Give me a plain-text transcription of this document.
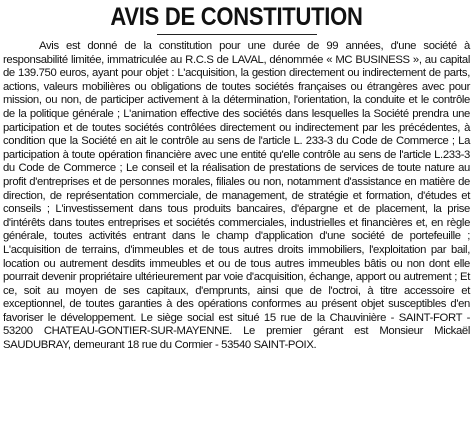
AVIS DE CONSTITUTION

Avis est donné de la constitution pour une durée de 99 années, d'une société à responsabilité limitée, immatriculée au R.C.S de LAVAL, dénommée « MC BUSINESS », au capital de 139.750 euros, ayant pour objet : L'acquisition, la gestion directement ou indirectement de parts, actions, valeurs mobilières ou obligations de toutes sociétés françaises ou étrangères avec pour mission, ou non, de participer activement à la détermination, l'orientation, la conduite et le contrôle de la politique générale ; L'animation effective des sociétés dans lesquelles la Société prendra une participation et de toutes sociétés contrôlées directement ou indirectement par les précédentes, à condition que la Société en ait le contrôle au sens de l'article L. 233-3 du Code de Commerce ; La participation à toute opération financière avec une entité qu'elle contrôle au sens de l'article L.233-3 du Code de Commerce ; Le conseil et la réalisation de prestations de services de toute nature au profit d'entreprises et de personnes morales, filiales ou non, notamment d'assistance en matière de direction, de représentation commerciale, de management, de stratégie et formation, d'études et conseils ; L'investissement dans tous produits bancaires, d'épargne et de placement, la prise d'intérêts dans toutes entreprises et sociétés commerciales, industrielles et financières et, en règle générale, toutes activités entrant dans le champ d'application d'une société de portefeuille ; L'acquisition de terrains, d'immeubles et de tous autres droits immobiliers, l'exploitation par bail, location ou autrement desdits immeubles et ou de tous autres immeubles bâtis ou non dont elle pourrait devenir propriétaire ultérieurement par voie d'acquisition, échange, apport ou autrement ; Et ce, soit au moyen de ses capitaux, d'emprunts, ainsi que de l'octroi, à titre accessoire et exceptionnel, de toutes garanties à des opérations conformes au présent objet susceptibles d'en favoriser le développement. Le siège social est situé 15 rue de la Chauvinière - SAINT-FORT - 53200 CHATEAU-GONTIER-SUR-MAYENNE. Le premier gérant est Monsieur Mickaël SAUDUBRAY, demeurant 18 rue du Cormier - 53540 SAINT-POIX.
